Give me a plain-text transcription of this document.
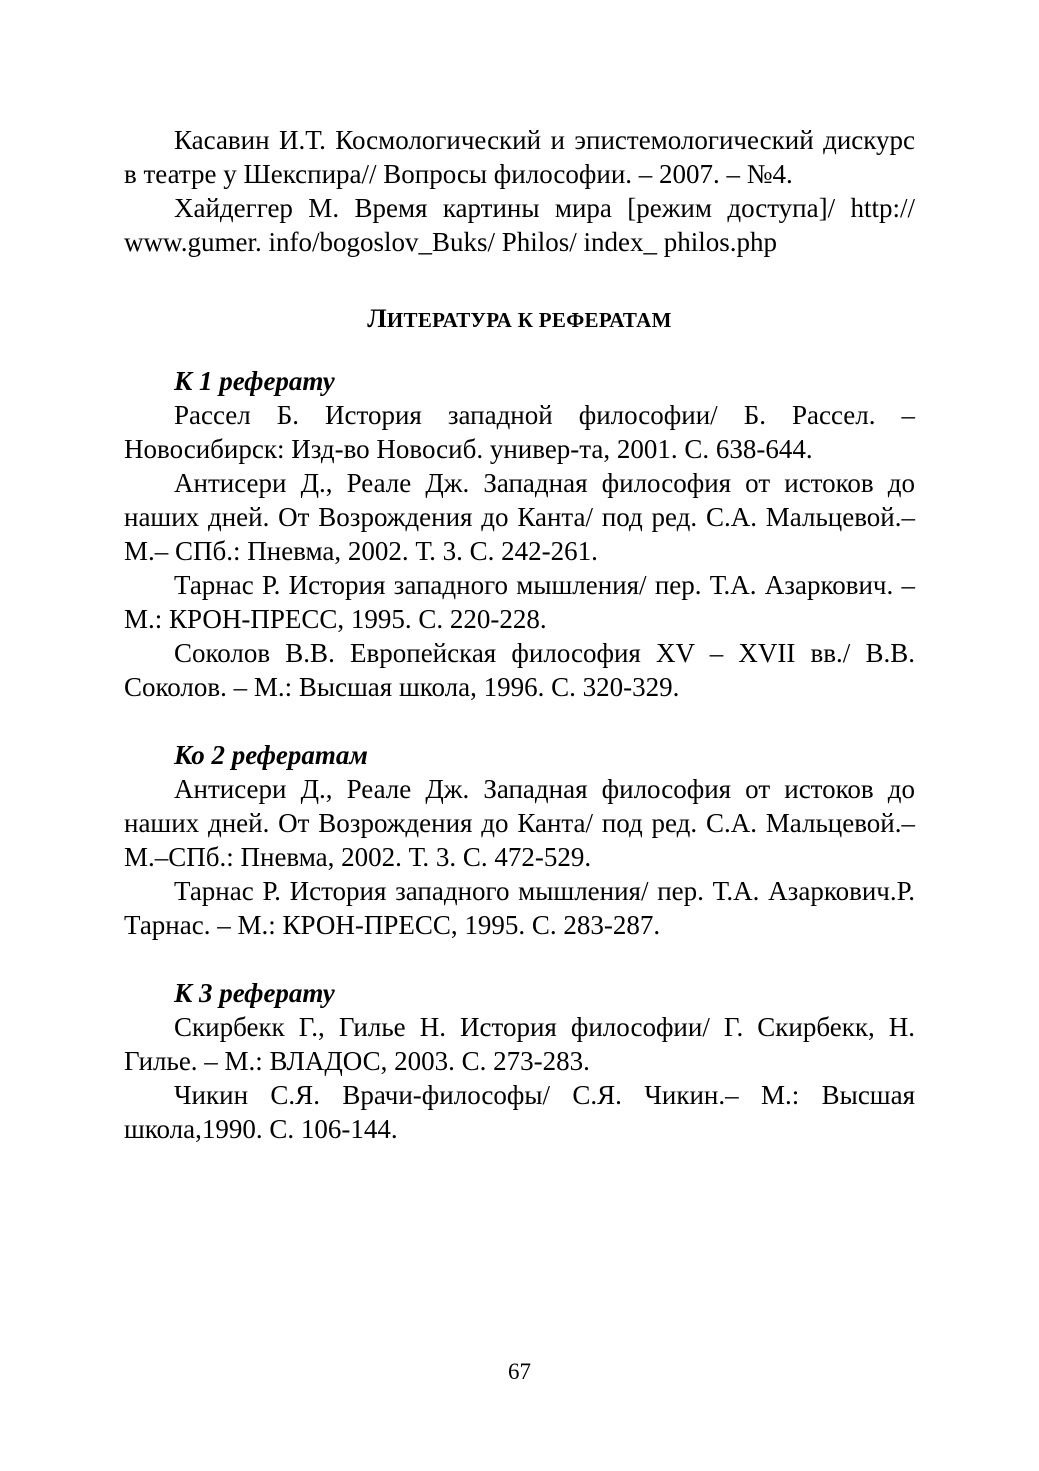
Касавин И.Т. Космологический и эпистемологический дискурс в театре у Шекспира// Вопросы философии. – 2007. – №4.

Хайдеггер М. Время картины мира [режим доступа]/ http:// www.gumer. info/bogoslov_Buks/ Philos/ index_ philos.php

ЛИТЕРАТУРА К РЕФЕРАТАМ

К 1 реферату

Рассел Б. История западной философии/ Б. Рассел. – Новосибирск: Изд-во Новосиб. универ-та, 2001. С. 638-644.

Антисери Д., Реале Дж. Западная философия от истоков до наших дней. От Возрождения до Канта/ под ред. С.А. Мальцевой.– М.– СПб.: Пневма, 2002. Т. 3. С. 242-261.

Тарнас Р. История западного мышления/ пер. Т.А. Азаркович. – М.: КРОН-ПРЕСС, 1995. С. 220-228.

Соколов В.В. Европейская философия XV – XVII вв./ В.В. Соколов. – М.: Высшая школа, 1996. С. 320-329.

Ко 2 рефератам

Антисери Д., Реале Дж. Западная философия от истоков до наших дней. От Возрождения до Канта/ под ред. С.А. Мальцевой.– М.–СПб.: Пневма, 2002. Т. 3. С. 472-529.

Тарнас Р. История западного мышления/ пер. Т.А. Азаркович.Р. Тарнас. – М.: КРОН-ПРЕСС, 1995. С. 283-287.

К 3 реферату

Скирбекк Г., Гилье Н. История философии/ Г. Скирбекк, Н. Гилье. – М.: ВЛАДОС, 2003. С. 273-283.

Чикин С.Я. Врачи-философы/ С.Я. Чикин.– М.: Высшая школа,1990. С. 106-144.

67
